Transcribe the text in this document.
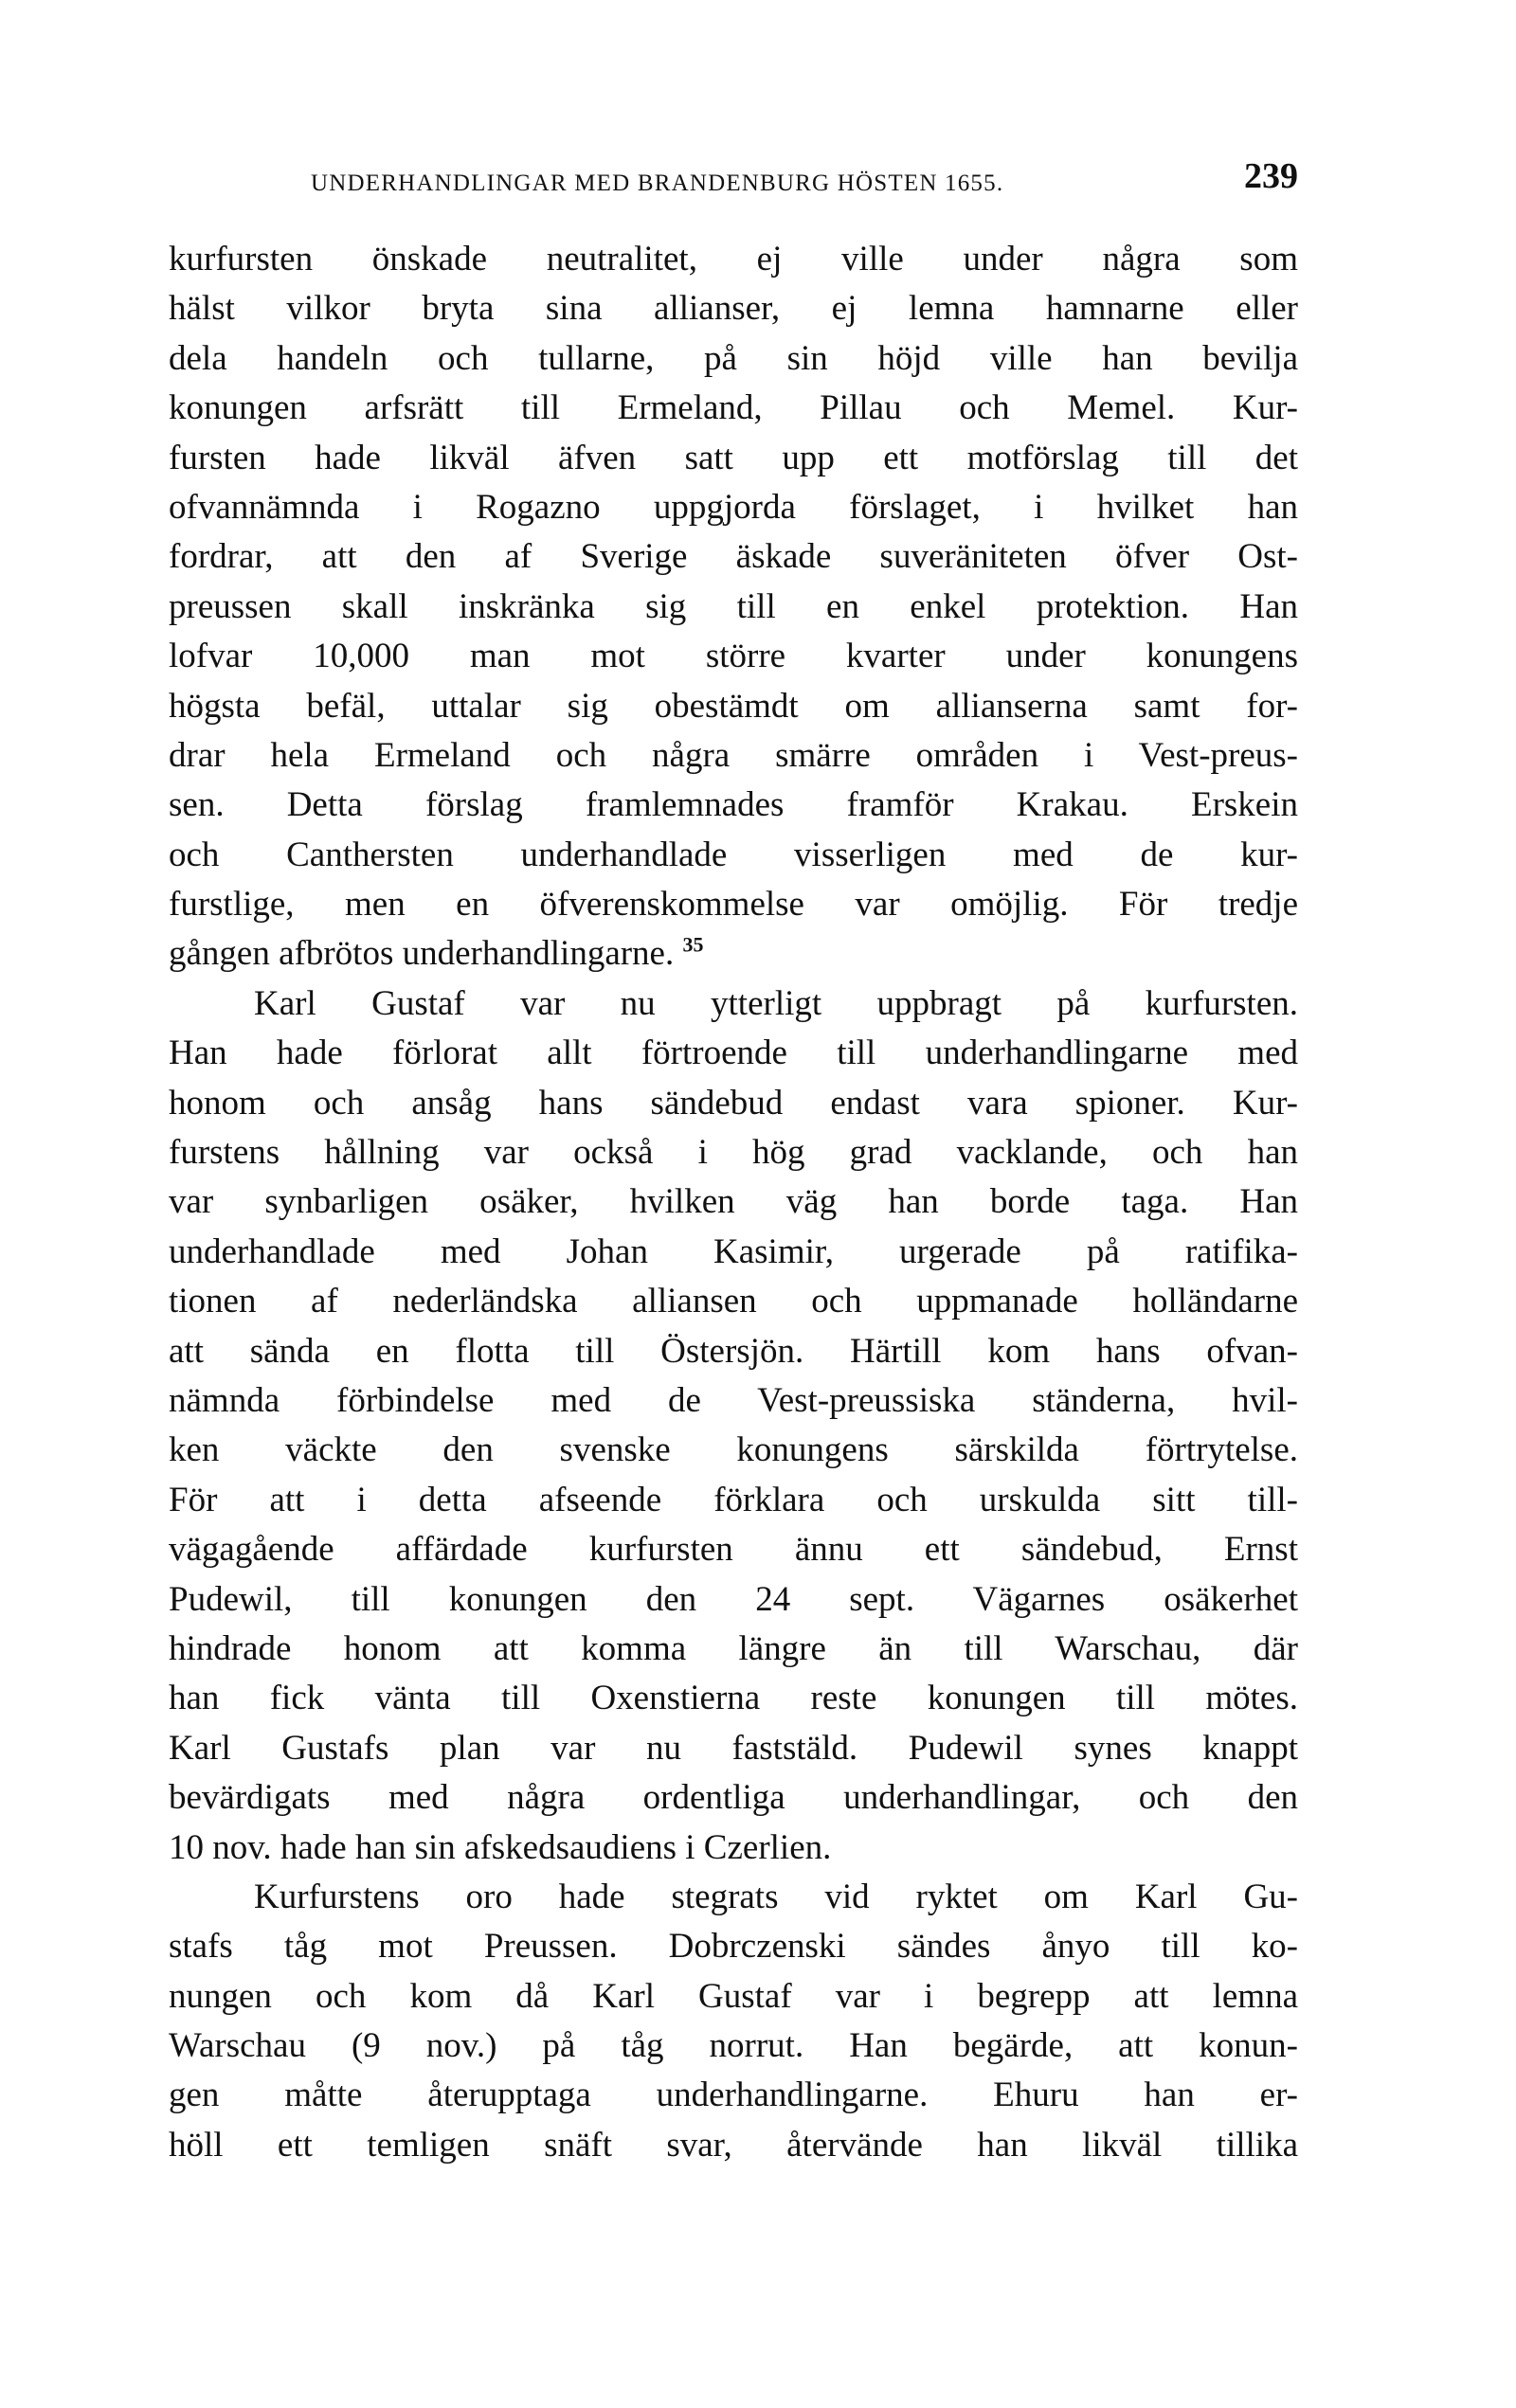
UNDERHANDLINGAR MED BRANDENBURG HÖSTEN 1655.	239
kurfursten önskade neutralitet, ej ville under några som
hälst vilkor bryta sina allianser, ej lemna hamnarne eller
dela handeln och tullarne, på sin höjd ville han bevilja
konungen arfsrätt till Ermeland, Pillau och Memel. Kur-
fursten hade likväl äfven satt upp ett motförslag till det
ofvannämnda i Rogazno uppgjorda förslaget, i hvilket han
fordrar, att den af Sverige äskade suveräniteten öfver Ost-
preussen skall inskränka sig till en enkel protektion. Han
lofvar 10,000 man mot större kvarter under konungens
högsta befäl, uttalar sig obestämdt om allianserna samt for-
drar hela Ermeland och några smärre områden i Vest-preus-
sen. Detta förslag framlemnades framför Krakau. Erskein
och Canthersten underhandlade visserligen med de kur-
furstlige, men en öfverenskommelse var omöjlig. För tredje
gången afbrötos underhandlingarne. $^{35}$
Karl Gustaf var nu ytterligt uppbragt på kurfursten.
Han hade förlorat allt förtroende till underhandlingarne med
honom och ansåg hans sändebud endast vara spioner. Kur-
furstens hållning var också i hög grad vacklande, och han
var synbarligen osäker, hvilken väg han borde taga. Han
underhandlade med Johan Kasimir, urgerade på ratifika-
tionen af nederländska alliansen och uppmanade holländarne
att sända en flotta till Östersjön. Härtill kom hans ofvan-
nämnda förbindelse med de Vest-preussiska ständerna, hvil-
ken väckte den svenske konungens särskilda förtrytelse.
För att i detta afseende förklara och urskulda sitt till-
vägagående affärdade kurfursten ännu ett sändebud, Ernst
Pudewil, till konungen den 24 sept. Vägarnes osäkerhet
hindrade honom att komma längre än till Warschau, där
han fick vänta till Oxenstierna reste konungen till mötes.
Karl Gustafs plan var nu faststäld. Pudewil synes knappt
bevärdigats med några ordentliga underhandlingar, och den
10 nov. hade han sin afskedsaudiens i Czerlien.
Kurfurstens oro hade stegrats vid ryktet om Karl Gu-
stafs tåg mot Preussen. Dobrczenski sändes ånyo till ko-
nungen och kom då Karl Gustaf var i begrepp att lemna
Warschau (9 nov.) på tåg norrut. Han begärde, att konun-
gen måtte återupptaga underhandlingarne. Ehuru han er-
höll ett temligen snäft svar, återvände han likväl tillika
